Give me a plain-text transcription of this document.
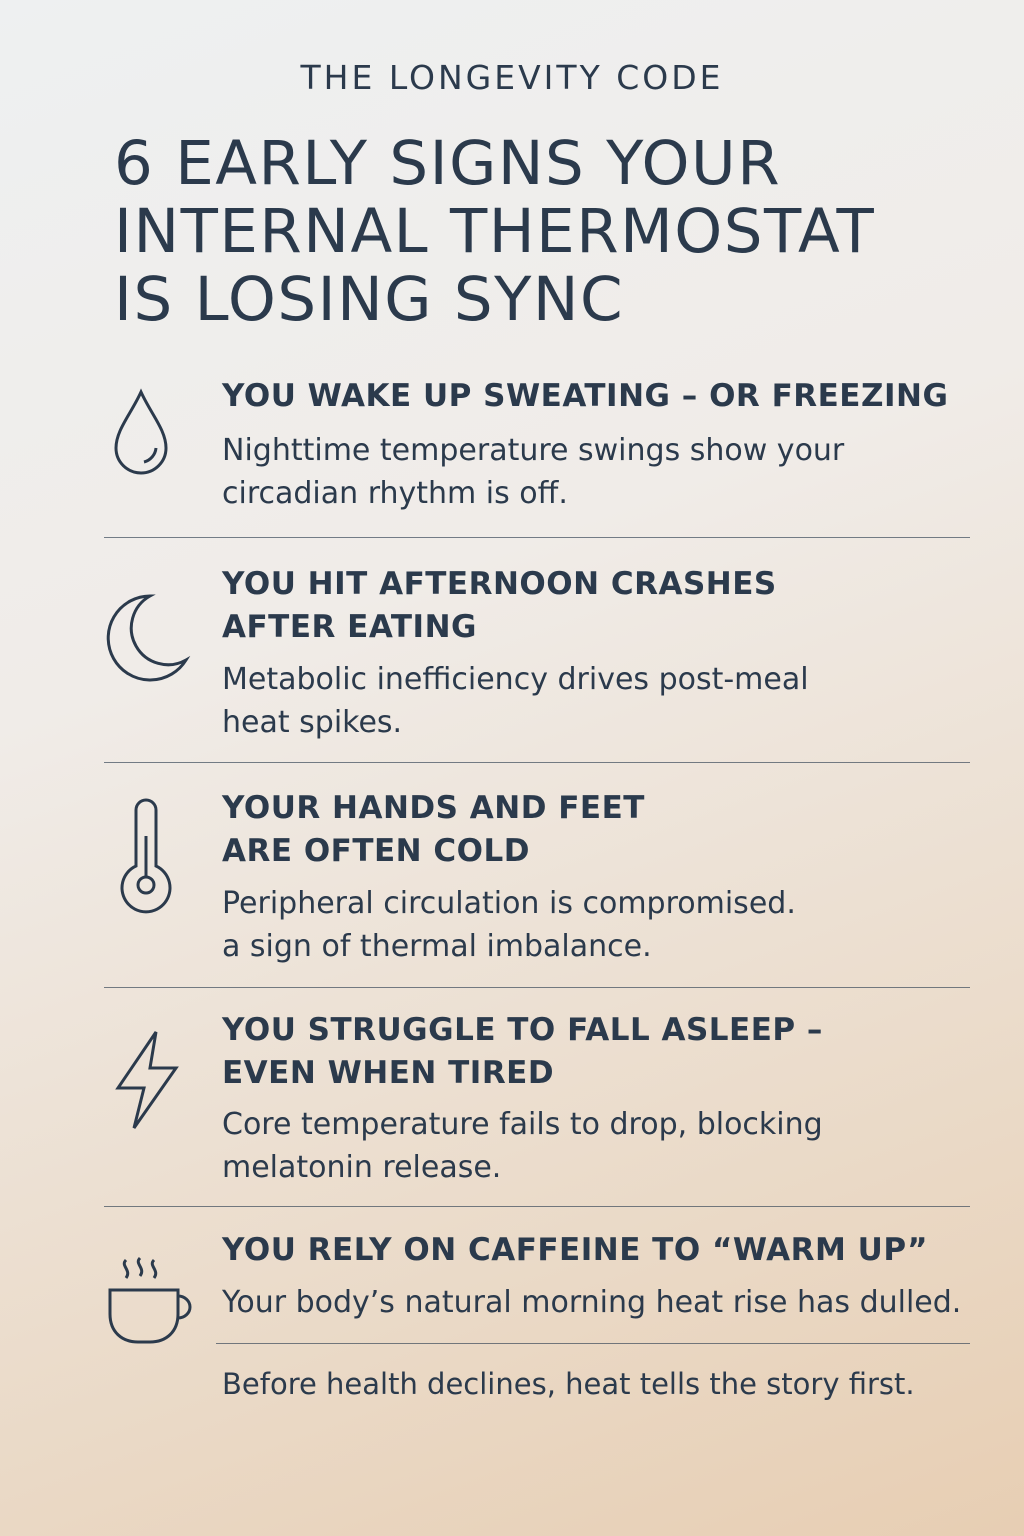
THE LONGEVITY CODE
6 EARLY SIGNS YOUR
INTERNAL THERMOSTAT
IS LOSING SYNC
YOU WAKE UP SWEATING – OR FREEZING

Nighttime temperature swings show your
circadian rhythm is off.

YOU HIT AFTERNOON CRASHES
AFTER EATING

Metabolic inefficiency drives post-meal
heat spikes.

YOUR HANDS AND FEET
ARE OFTEN COLD

Peripheral circulation is compromised.
a sign of thermal imbalance.

YOU STRUGGLE TO FALL ASLEEP –
EVEN WHEN TIRED

Core temperature fails to drop, blocking
melatonin release.

YOU RELY ON CAFFEINE TO “WARM UP”

Your body’s natural morning heat rise has dulled.

Before health declines, heat tells the story first.
